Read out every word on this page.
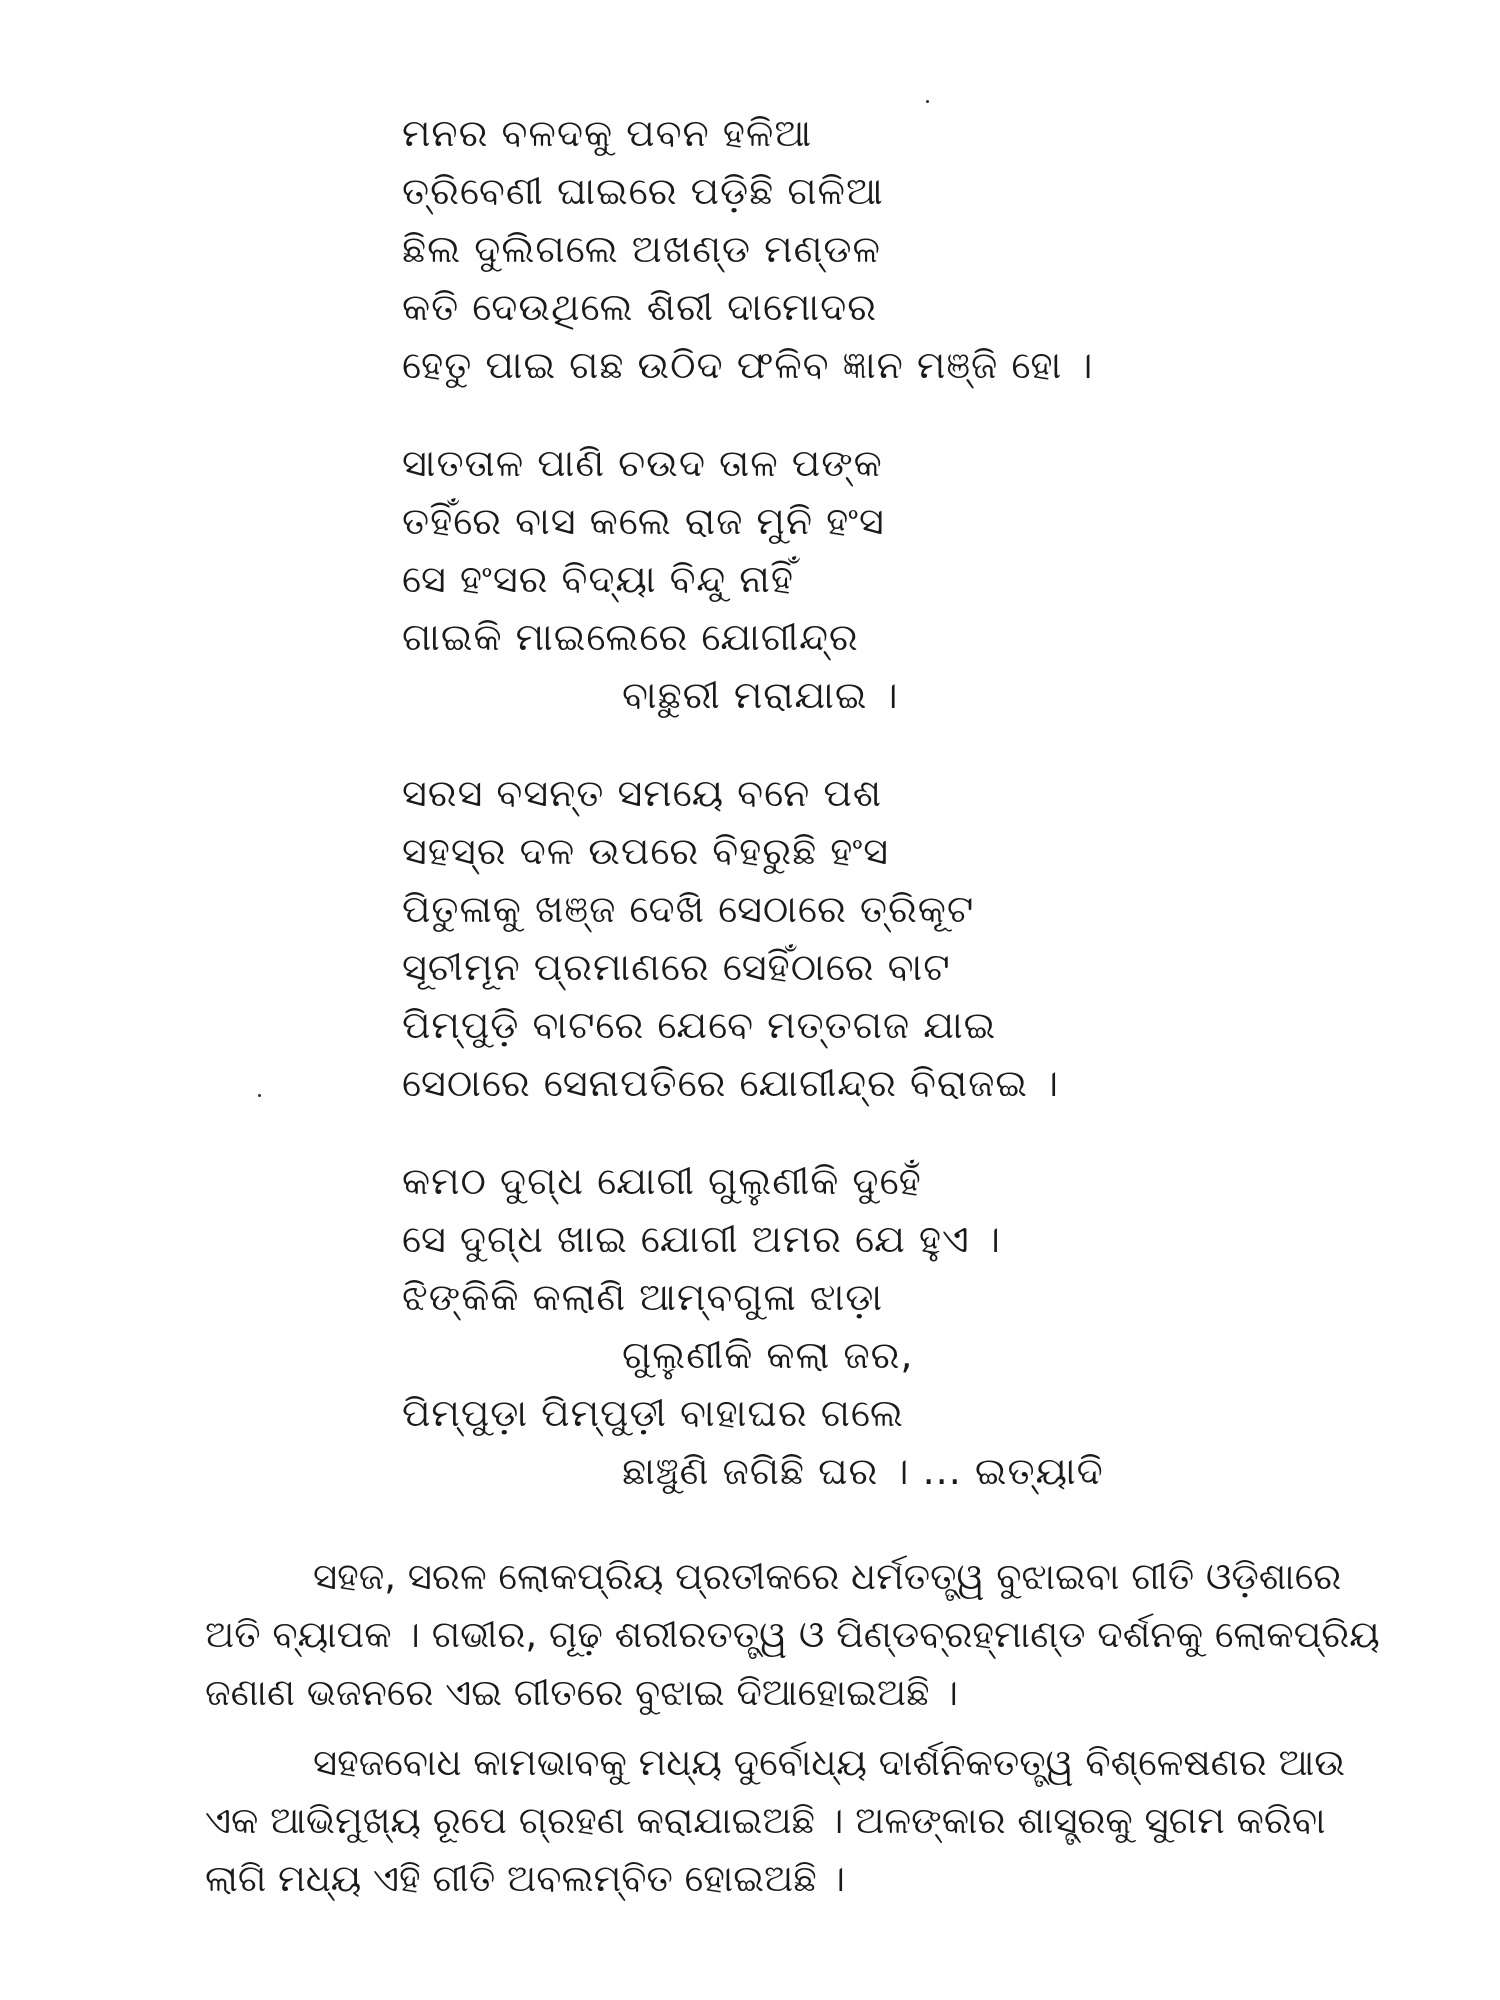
ମନର ବଳଦକୁ ପବନ ହଳିଆ
ତ୍ରିବେଣୀ ଘାଇରେ ପଡ଼ିଛି ଗଳିଆ
ଛିଲ ଦୁଲିଗଲେ ଅଖଣ୍ଡ ମଣ୍ଡଳ
କତି ଦେଉଥିଲେ ଶିରୀ ଦାମୋଦର
ହେତୁ ପାଇ ଗଛ ଉଠିଦ ଫଳିବ ଜ୍ଞାନ ମଞ୍ଜି ହୋ ।
ସାତତାଳ ପାଣି ଚଉଦ ତାଳ ପଙ୍କ
ତହିଁରେ ବାସ କଲେ ରାଜ ମୁନି ହଂସ
ସେ ହଂସର ବିଦ୍ୟା ବିନ୍ଦୁ ନାହିଁ
ଗାଇକି ମାଇଲେରେ ଯୋଗୀନ୍ଦ୍ର
ବାଛୁରୀ ମରାଯାଇ ।
ସରସ ବସନ୍ତ ସମୟେ ବନେ ପଶ
ସହସ୍ର ଦଳ ଉପରେ ବିହରୁଛି ହଂସ
ପିତୁଳାକୁ ଖଞ୍ଜ ଦେଖି ସେଠାରେ ତ୍ରିକୂଟ
ସୂଚୀମୂନ ପ୍ରମାଣରେ ସେହିଁଠାରେ ବାଟ
ପିମ୍ପୁଡ଼ି ବାଟରେ ଯେବେ ମତ୍ତଗଜ ଯାଇ
ସେଠାରେ ସେନାପତିରେ ଯୋଗୀନ୍ଦ୍ର ବିରାଜଇ ।
କମଠ ଦୁଗ୍ଧ ଯୋଗୀ ଗୁଲୁଣୀକି ଦୁହେଁ
ସେ ଦୁଗ୍ଧ ଖାଇ ଯୋଗୀ ଅମର ଯେ ହୁଏ ।
ଝିଙ୍କିକି କଲାଣି ଆମ୍ବଗୁଳା ଝାଡ଼ା
ଗୁଲୁଣୀକି କଲା ଜର,
ପିମ୍ପୁଡ଼ା ପିମ୍ପୁଡ଼ୀ ବାହାଘର ଗଲେ
ଛାଞ୍ଚୁଣି ଜଗିଛି ଘର । ... ଇତ୍ୟାଦି

ସହଜ, ସରଳ ଲୋକପ୍ରିୟ ପ୍ରତୀକରେ ଧର୍ମତତ୍ତ୍ୱ ବୁଝାଇବା ଗୀତି ଓଡ଼ିଶାରେ
ଅତି ବ୍ୟାପକ । ଗଭୀର, ଗୂଢ଼ ଶରୀରତତ୍ତ୍ୱ ଓ ପିଣ୍ଡବ୍ରହ୍ମାଣ୍ଡ ଦର୍ଶନକୁ ଲୋକପ୍ରିୟ
ଜଣାଣ ଭଜନରେ ଏଇ ଗୀତରେ ବୁଝାଇ ଦିଆହୋଇଅଛି ।

ସହଜବୋଧ କାମଭାବକୁ ମଧ୍ୟ ଦୁର୍ବୋଧ୍ୟ ଦାର୍ଶନିକତତ୍ତ୍ୱ ବିଶ୍ଳେଷଣର ଆଉ
ଏକ ଆଭିମୁଖ୍ୟ ରୂପେ ଗ୍ରହଣ କରାଯାଇଅଛି । ଅଳଙ୍କାର ଶାସ୍ତ୍ରକୁ ସୁଗମ କରିବା
ଲାଗି ମଧ୍ୟ ଏହି ଗୀତି ଅବଲମ୍ବିତ ହୋଇଅଛି ।
